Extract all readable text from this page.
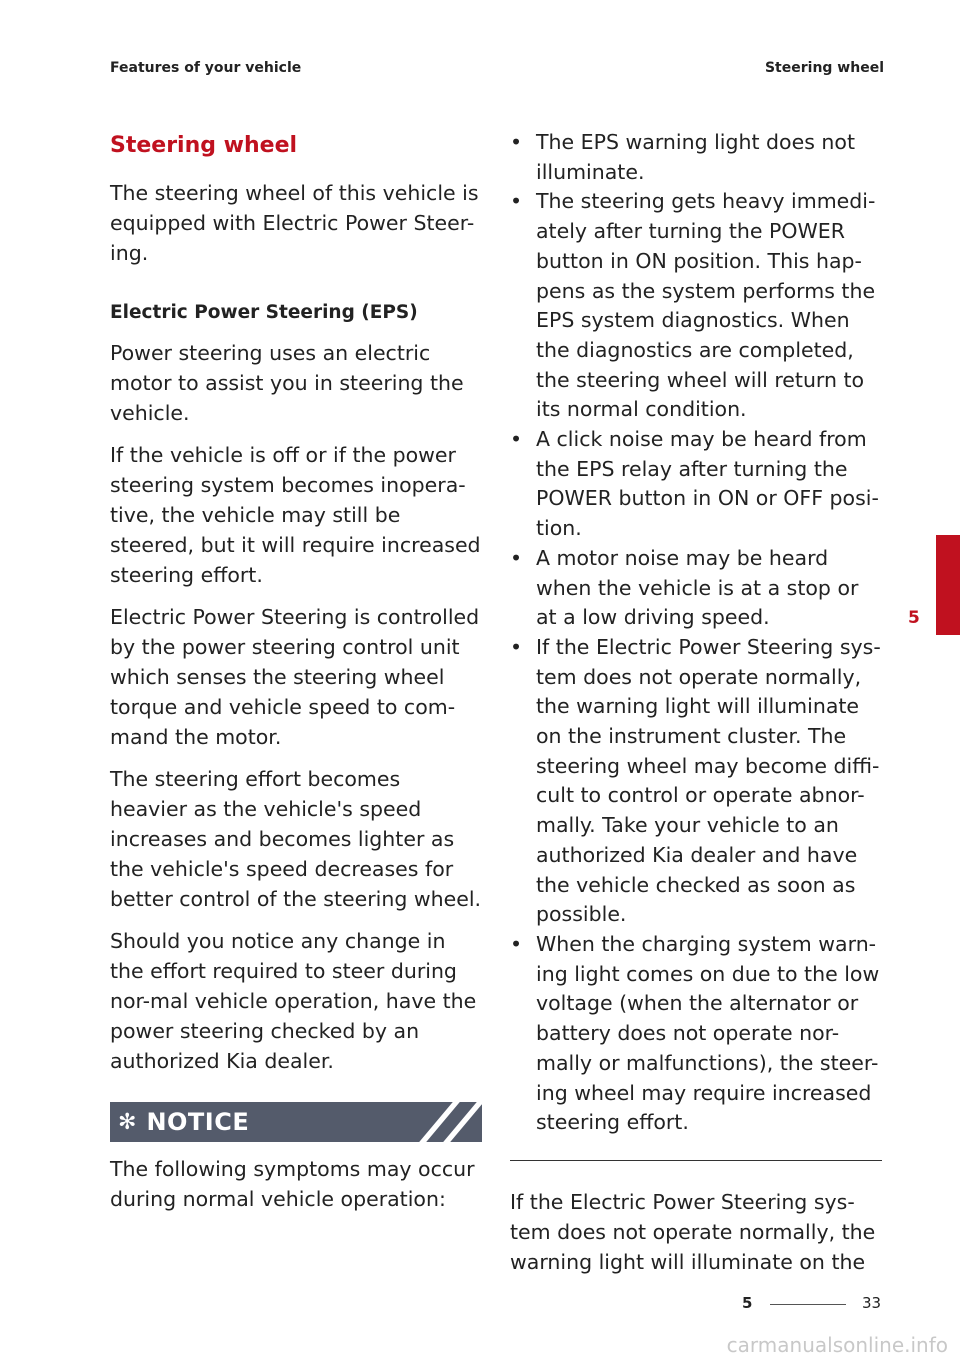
Features of your vehicle	Steering wheel
Steering wheel

The steering wheel of this vehicle is equipped with Electric Power Steer-ing.

Electric Power Steering (EPS)

Power steering uses an electric motor to assist you in steering the vehicle.

If the vehicle is off or if the power steering system becomes inopera-tive, the vehicle may still be steered, but it will require increased steering effort.

Electric Power Steering is controlled by the power steering control unit which senses the steering wheel torque and vehicle speed to com-mand the motor.

The steering effort becomes heavier as the vehicle's speed increases and becomes lighter as the vehicle's speed decreases for better control of the steering wheel.

Should you notice any change in the effort required to steer during nor-mal vehicle operation, have the power steering checked by an authorized Kia dealer.

✻ NOTICE

The following symptoms may occur during normal vehicle operation:

• The EPS warning light does not illuminate.
• The steering gets heavy immedi-ately after turning the POWER button in ON position. This hap-pens as the system performs the EPS system diagnostics. When the diagnostics are completed, the steering wheel will return to its normal condition.
• A click noise may be heard from the EPS relay after turning the POWER button in ON or OFF posi-tion.
• A motor noise may be heard when the vehicle is at a stop or at a low driving speed.
• If the Electric Power Steering sys-tem does not operate normally, the warning light will illuminate on the instrument cluster. The steering wheel may become diffi-cult to control or operate abnor-mally. Take your vehicle to an authorized Kia dealer and have the vehicle checked as soon as possible.
• When the charging system warn-ing light comes on due to the low voltage (when the alternator or battery does not operate nor-mally or malfunctions), the steer-ing wheel may require increased steering effort.

If the Electric Power Steering sys-tem does not operate normally, the warning light will illuminate on the

5
5	33
carmanualsonline.info
